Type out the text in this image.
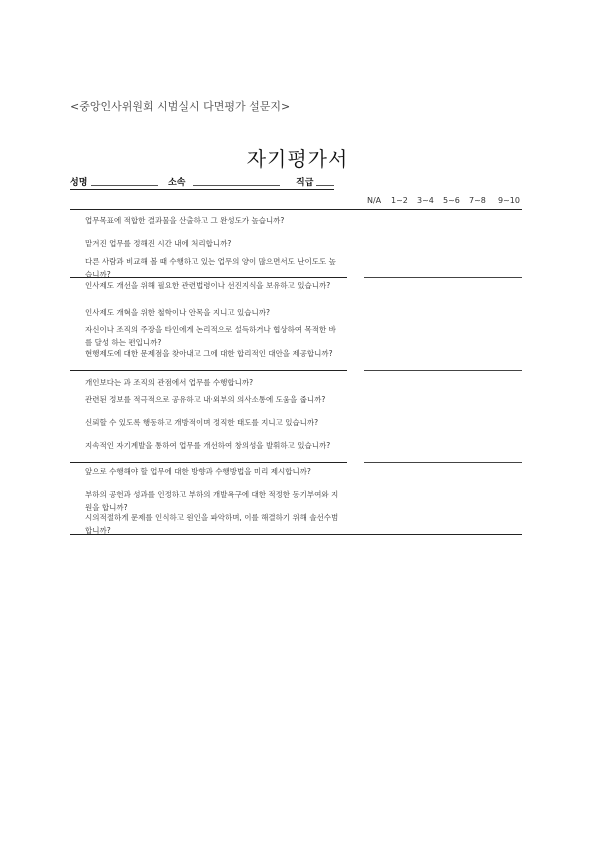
<중앙인사위원회 시범실시 다면평가 설문지>
자기평가서
성명	소속	직급
N/A 1~2 3~4 5~6 7~8 9~10
업무목표에 적합한 결과물을 산출하고 그 완성도가 높습니까?
맡겨진 업무를 정해진 시간 내에 처리합니까?
다른 사람과 비교해 볼 때 수행하고 있는 업무의 양이 많으면서도 난이도도 높습니까?
인사제도 개선을 위해 필요한 관련법령이나 선진지식을 보유하고 있습니까?
인사제도 개혁을 위한 철학이나 안목을 지니고 있습니까?
자신이나 조직의 주장을 타인에게 논리적으로 설득하거나 협상하여 목적한 바를 달성 하는 편입니까?
현행제도에 대한 문제점을 찾아내고 그에 대한 합리적인 대안을 제공합니까?
개인보다는 과 조직의 관점에서 업무를 수행합니까?
관련된 정보를 적극적으로 공유하고 내·외부의 의사소통에 도움을 줍니까?
신뢰할 수 있도록 행동하고 개방적이며 정직한 태도를 지니고 있습니까?
지속적인 자기계발을 통하여 업무를 개선하여 창의성을 발휘하고 있습니까?
앞으로 수행해야 할 업무에 대한 방향과 수행방법을 미리 제시합니까?
부하의 공헌과 성과를 인정하고 부하의 개발욕구에 대한 적정한 동기부여와 지원을 합니까?
시의적절하게 문제를 인식하고 원인을 파악하며, 이를 해결하기 위해 솔선수범합니까?
